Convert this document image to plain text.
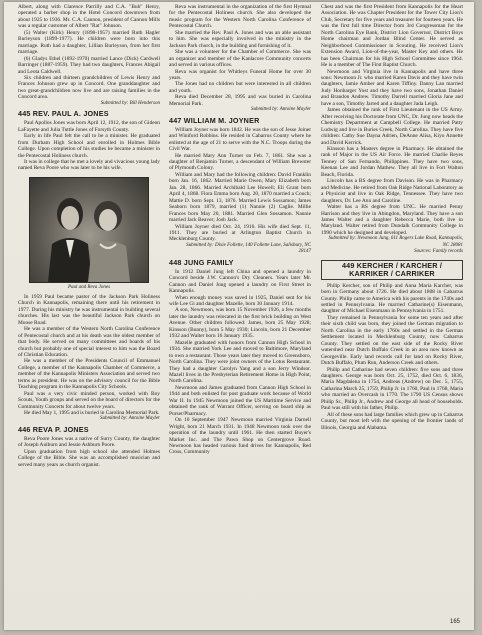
Albert, along with Clarence Parrilly and C.A. "Bub" Henry, operated a barber shop in the Hotel Concord downtown from about 1925 to 1936. Mr. C.A. Cannon, president of Cannon Mills was a regular customer of Albert "Rat" Johnson.

(5) Walter (Kirk) Henry (1898-1957) married Ruth Hagler Burleyson (1899-1977). He children were born into this marriage. Ruth had a daughter, Lillian Burleyson, from her first marriage.

(6) Gladys Ethel (1892-1970) married Lance (Dick) Cardwell Barringer (1887-1959). They had two daughters, Frances Abigail and Leota Caldwell.

Six children and thirteen grandchildren of Lewis Henry and Frances Johnson grew up in Concord. One granddaughter and two great-grandchildren now live and are raising families in the Concord area.

Submitted by: Bill Henderson

445 REV. PAUL A. JONES

Paul Apollos Jones was born April 12, 1912, the son of Gideon LaFayette and Julia Tuttle Jones of Forsyth County.

Early in life Paul felt the call to be a minister. He graduated from Durham High School and enrolled in Holmes Bible College. Upon completion of his studies he became a minister in the Pentecostal Holiness church.

It was in college that he met a lovely and vivacious young lady named Reva Poore who was later to be his wife.

Paul and Reva Jones

In 1959 Paul became pastor of the Jackson Park Holiness Church in Kannapolis, remaining there until his retirement in 1977. During his ministry he was instrumental in building several churches. His last was the beautiful Jackson Park church on Moose Road.

He was a member of the Western North Carolina Conference of Pentecostal church and at his death was the oldest member of that body. He served on many committees and boards of his church but probably one of special interest to him was the Board of Christian Education.

He was a member of the Presidents Council of Emmanuel College, a member of the Kannapolis Chamber of Commerce, a member of the Kannapolis Ministers Association and served two terms as president. He was on the advisory council for the Bible Teaching program in the Kannapolis City Schools.

Paul was a very civic minded person, worked with Boy Scouts, Youth groups and served on the board of directors for the Community Concerts for about twelve years.

He died May 1, 1995 and is buried in Carolina Memorial Park.

Submitted by: Antoine Mayler

446 REVA P. JONES

Reva Poore Jones was a native of Surry County, the daughter of Joseph Aulburn and Jessie Ashburn Poore.

Upon graduation from high school she attended Holmes College of the Bible. She was an accomplished musician and served many years as church organist.

Reva was instrumental in the organization of the first Hymnal for the Pentecostal Holiness church. She also developed the music program for the Western North Carolina Conference of Pentecostal Church.

She married the Rev. Paul A. Jones and was an able assistant to him. She was especially involved in the ministry in the Jackson Park church, in the building and furnishing of it.

She was a volunteer for the Chamber of Commerce. She was an organizer and member of the Kanlacore Community concerts and served in various offices.

Reva was organist for Whitleys Funeral Home for over 30 years.

The Jones had no children but were interested in all children and youth.

Reva died December 28, 1995 and was buried in Carolina Memorial Park.

Submitted by: Antoine Mayler

447 WILLIAM M. JOYNER

William Joyner was born 1842. He was the son of Jesse Joiner and Winiford Robbins. He resided in Cabarrus County where he enlisted at the age of 21 to serve with the N.C. Troops during the Civil War.

He married Mary Ann Turner on Feb. 7, 1861. She was a daughter of Benjamin Turner, a descendant of William Brewster of Plymouth Colony.

William and Mary had the following children: David Franklin born Jan. 16, 1862. Married Marie Owen; Mary Elizabeth born Jan. 28, 1866. Married Archibald Lee Howell; Eli Grant born April 4, 1868. Flora Emma born Aug. 20, 1870 married a Couch; Mattie D. born Sept. 13, 1876. Married Lewis Sossamon; James Seaborn born 1879, married (1) Nannie (2) Caglie. Millie Frances born May 20, 1881. Married Glen Sossamon. Nannie married Jack Beaver; Josh Jack.

William Joyner died Oct. 24, 1916. His wife died Sept. 11, 1911. They are buried at Arlington Baptist Church in Mecklenburg County.

Submitted by: Dixie Follette, 140 Follette Lane, Salisbury, NC 28147

448 JUNG FAMILY

In 1912 Daniel Jung left China and opened a laundry in Concord beside J.W. Cannon's Dry Cleaners. Years later Mr. Cannon and Daniel Jung opened a laundry on First Street in Kannapolis.

When enough money was saved in 1925, Daniel sent for his wife Lee Gi and daughter Mazelle, born 30 January 1914.

A son, Newmoon, was born 15 November 1926, a few months later the laundry was relocated in the first brick building on West Avenue. Other children followed: James, born 25 May 1928; Kinsson (Bunny), born 5 May 1930; Lincoln, born 21 December 1932 and Walter born 16 January 1935.

Mazelle graduated with honors from Cannon High School in 1934. She married York Lee and moved to Baltimore, Maryland to own a restaurant. Those years later they moved to Greensboro, North Carolina. They were joint owners of the Lotus Restaurant. They had a daughter Carolyn Yang and a son Jerry Windsor. Mazell lives in the Presbyterian Retirement Home in High Point, North Carolina.

Newmoon and James graduated from Cannon High School in 1944 and both enlisted for post graduate work because of World War II. In 1945 Newmoon joined the US Maritime Service and obtained the rank of Warrant Officer, serving on board ship as Purser/Pharmacy.

On 10 September 1947 Newmoon married Virginia Darnell Wright, born 21 March 1931. In 1948 Newmoon took over the operation of the laundry until 1961. He then started Buyer's Market Inc. and The Pawn Shop on Centergrove Road. Newmoon has headed various fund drives for Kannapolis, Red Cross, Community

Chest and was the first President from Kannapolis for the Heart Association. He was Chapter President for the Tower City Lion's Club, Secretary for five years and treasurer for fourteen years. He was the first full time Director from 3rd Congressman for the North Carolina Eye Bank, District Lion Governor, District Boys Home chairman and Jordan Blind Center. He served as Neighborhood Commissioner in Scouting. He received Lion's Extension Award, Lion-of-the-year, Master Key and others. He has been Chairman for his High School Committee since 1964. He is a member of The First Baptist Church.

Newmoon and Virginia live in Kannapolis and have three sons: Newmoon Jr. who married Karen Davis and they have twin daughters, Jamie Amber and Karen Tiffiny. Danny Lan married Judy Honbarger Yost and they have two sons, Jonathan Daniel and Brandon Andrew. Timothy Darrell married Gloria Jane and have a son, Timothy Jarred and a daughter Jada Leigh.

James obtained the rank of First Lieutenant in the US Army. After receiving his Doctorate from UNC, Dr. Jung now heads the Chemistry Department at Campbell College. He married Patty Ludwig and live in Buries Creek, North Carolina. They have five children: Cathy Sue Dayna Adrien, DeAnne Alisa, Kiyo Annette and David Kerrick.

Kinsson has a Masters degree in Pharmacy. He obtained the rank of Major in the US Air Force. He married Charlie Reyes Tenney of San Fernando, Philippines. They have two sons, Keenan Lee and Jordan Mathew. They all live in Fort Walton Beach, Florida.

Lincoln has a BS degree from Davison. He was in Pharmacy and Medicine. He retired from Oak Ridge National Laboratory as a Physicist and live in Oak Ridge, Tennessee. They have two daughters, Dr. Lee Ann and Caroline.

Walter has a BS degree from UNC. He married Penny Harrison and they live in Abingdon, Maryland. They have a son James Walter and a daughter Rebecca Marie, both live in Maryland. Walter retired from Dundalk Community College in 1990 which he designed and developed.

Submitted by: Newmoon Jung, 611 Rogers Lake Road, Kannapolis, NC 28081

Sources: Family records

449 KERCHER / KARCHER / KARRIKER / CARRIKER

Philip Kercher, son of Philip and Anna Maria Karcher, was born in Germany about 1726. He died about 1808 in Cabarrus County. Philip came to America with his parents in the 1740s and settled in Pennsylvania. He married Catharine(s) Eisenmann, daughter of Michael Eisenmann in Pennsylvania in 1751.

They remained in Pennsylvania for some ten years and after their sixth child was born, they joined the German migration to North Carolina in the early 1760s and settled in the German Settlement located in Mecklenburg County, now Cabarrus County. They settled on the east side of the Rocky River watershed near Dutch Buffalo Creek in an area now known as Georgeville. Early land records call for land on Rocky River, Dutch Buffalo, Plum Run, Anderson Creek and others.

Philip and Catharine had seven children: five sons and three daughters. George was born Oct. 25, 1752, died Oct. 6, 1836, Maria Magdalena in 1754, Andreas (Andrew) on Dec. 5, 1755, Catharina March 25, 1759, Philip Jr. in 1760, Paul in 1768, Maria who married an Overcash in 1770. The 1790 US Census shows Philip Sr., Philip Jr., Andrew and George all head of households. Paul was still with his father, Philip.

All of these sons had large families which grew up in Cabarrus County, but most left with the opening of the frontier lands of Illinois, Georgia and Alabama.

165
